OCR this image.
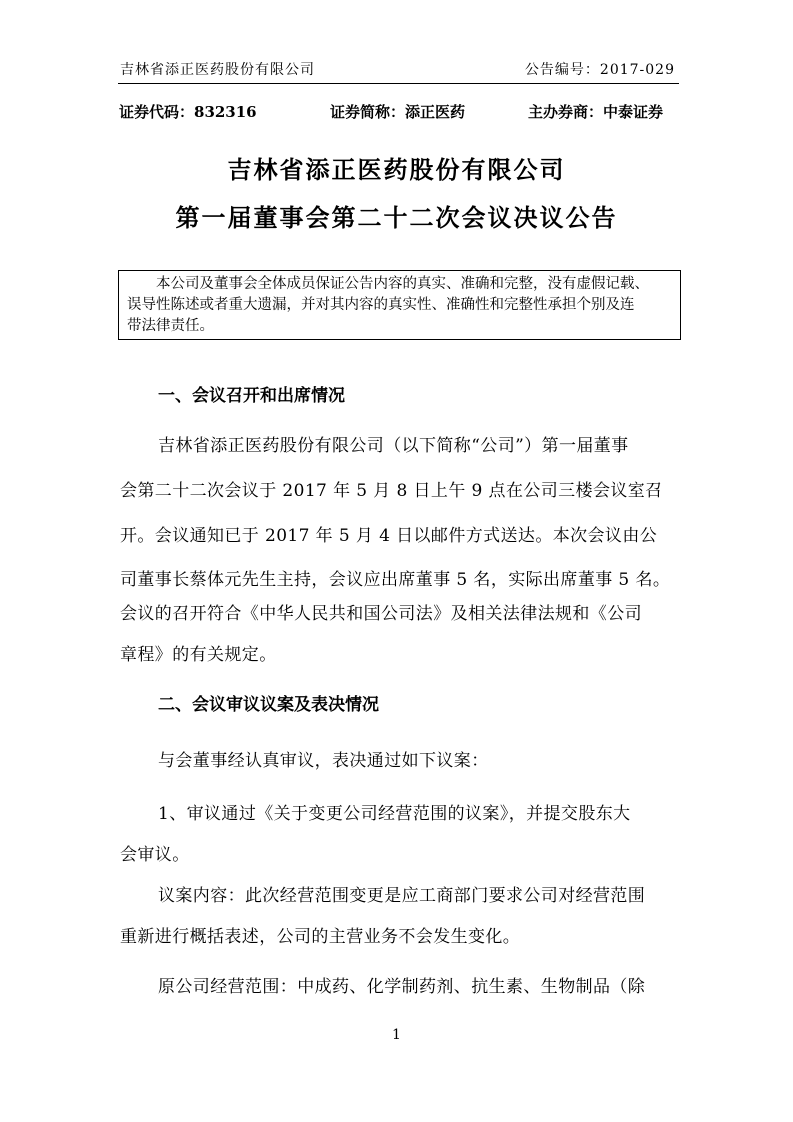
吉林省添正医药股份有限公司	公告编号：2017-029
证券代码：832316	证券简称：添正医药	主办券商：中泰证券
吉林省添正医药股份有限公司
第一届董事会第二十二次会议决议公告
本公司及董事会全体成员保证公告内容的真实、准确和完整，没有虚假记载、
误导性陈述或者重大遗漏，并对其内容的真实性、准确性和完整性承担个别及连
带法律责任。
一、会议召开和出席情况
吉林省添正医药股份有限公司（以下简称“公司”）第一届董事
会第二十二次会议于 2017 年 5 月 8 日上午 9 点在公司三楼会议室召
开。会议通知已于 2017 年 5 月 4 日以邮件方式送达。本次会议由公
司董事长蔡体元先生主持，会议应出席董事 5 名，实际出席董事 5 名。
会议的召开符合《中华人民共和国公司法》及相关法律法规和《公司
章程》的有关规定。
二、会议审议议案及表决情况
与会董事经认真审议，表决通过如下议案：
1、审议通过《关于变更公司经营范围的议案》，并提交股东大
会审议。
议案内容：此次经营范围变更是应工商部门要求公司对经营范围
重新进行概括表述，公司的主营业务不会发生变化。
原公司经营范围：中成药、化学制药剂、抗生素、生物制品（除
1
